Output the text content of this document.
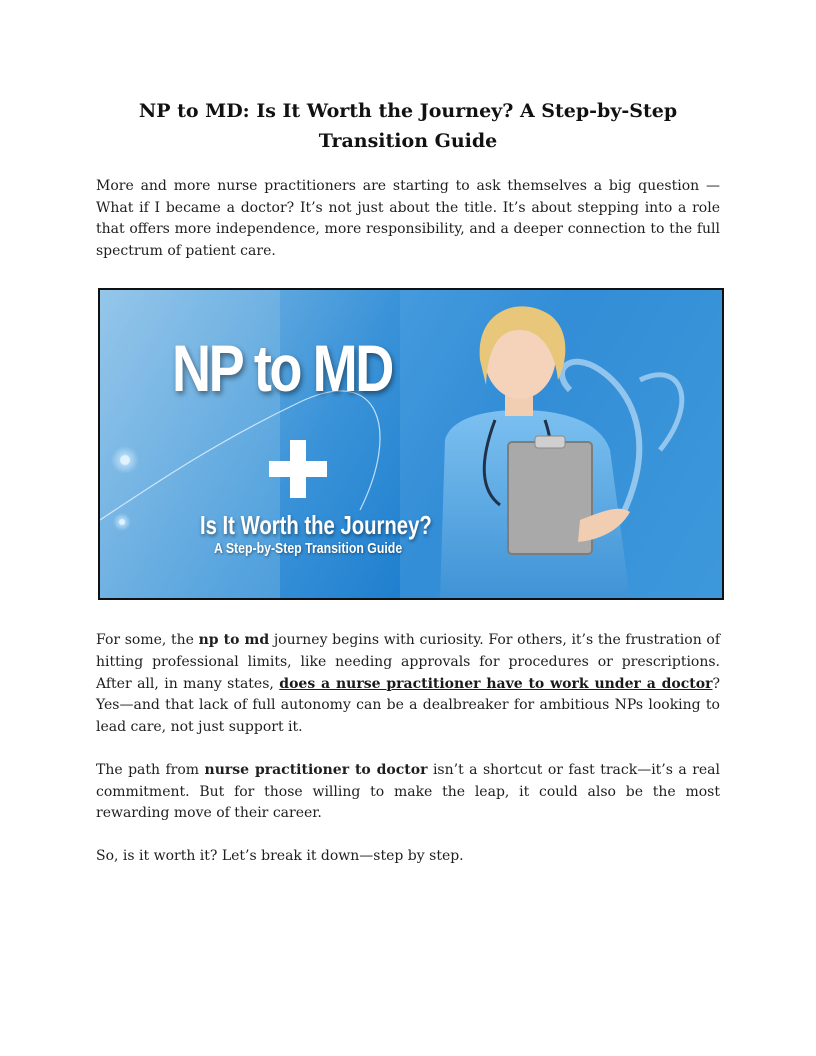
NP to MD: Is It Worth the Journey? A Step-by-Step Transition Guide

More and more nurse practitioners are starting to ask themselves a big question — What if I became a doctor? It’s not just about the title. It’s about stepping into a role that offers more independence, more responsibility, and a deeper connection to the full spectrum of patient care.

NP to MD
Is It Worth the Journey?
A Step-by-Step Transition Guide

For some, the np to md journey begins with curiosity. For others, it’s the frustration of hitting professional limits, like needing approvals for procedures or prescriptions. After all, in many states, does a nurse practitioner have to work under a doctor? Yes—and that lack of full autonomy can be a dealbreaker for ambitious NPs looking to lead care, not just support it.

The path from nurse practitioner to doctor isn’t a shortcut or fast track—it’s a real commitment. But for those willing to make the leap, it could also be the most rewarding move of their career.

So, is it worth it? Let’s break it down—step by step.
